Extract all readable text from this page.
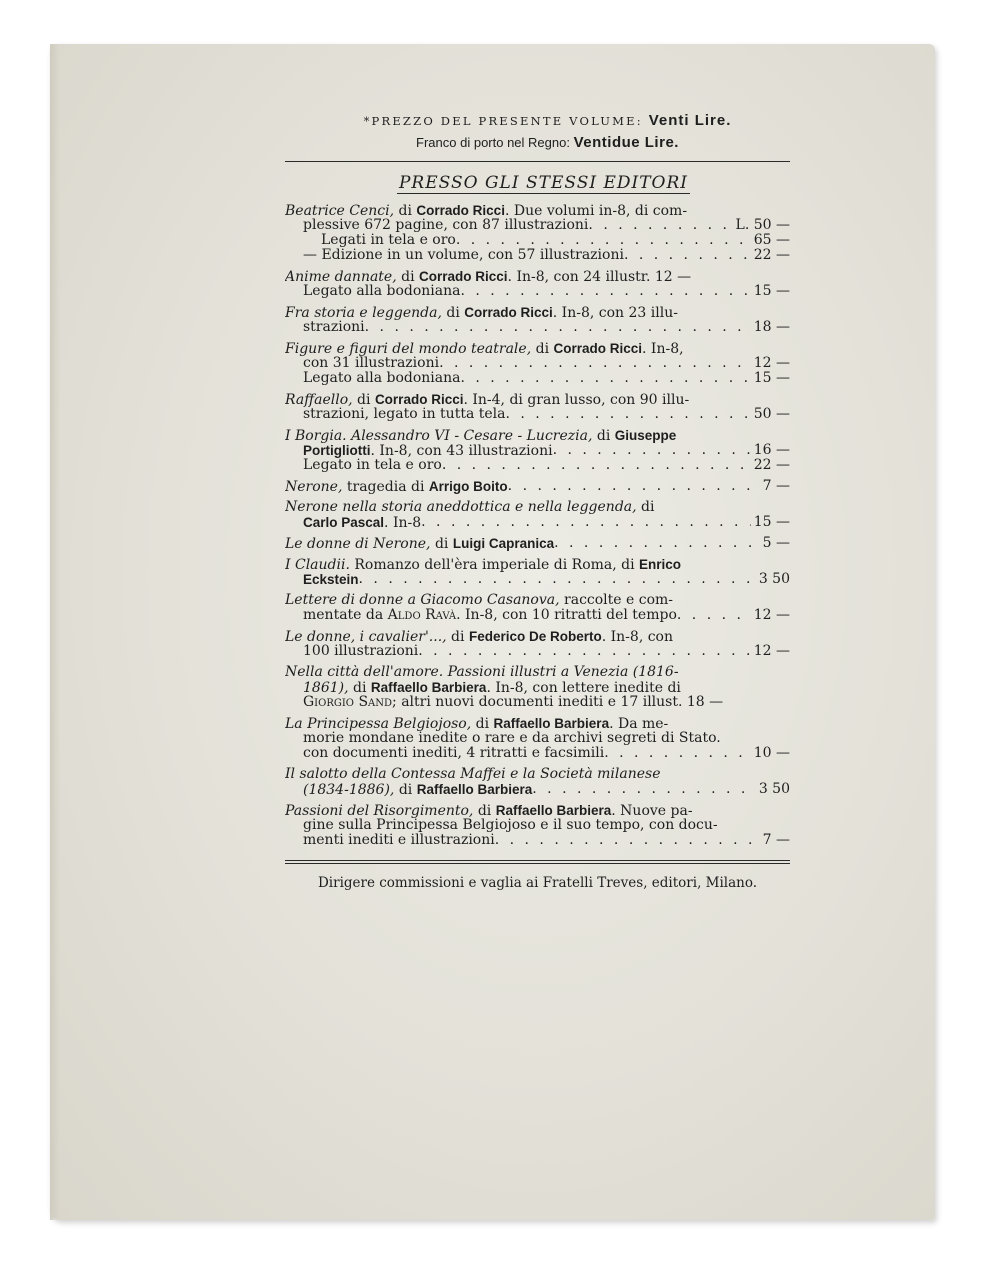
*PREZZO DEL PRESENTE VOLUME: Venti Lire.
Franco di porto nel Regno: Ventidue Lire.
PRESSO GLI STESSI EDITORI
Beatrice Cenci, di Corrado Ricci. Due volumi in-8, di com-
plessive 672 pagine, con 87 illustrazioni . . .	L. 50 —
Legati in tela e oro . . .	65 —
— Edizione in un volume, con 57 illustrazioni . . .	22 —
Anime dannate, di Corrado Ricci. In-8, con 24 illustr. 12 —
Legato alla bodoniana . . .	15 —
Fra storia e leggenda, di Corrado Ricci. In-8, con 23 illu-
strazioni . . .	18 —
Figure e figuri del mondo teatrale, di Corrado Ricci. In-8,
con 31 illustrazioni . . .	12 —
Legato alla bodoniana . . .	15 —
Raffaello, di Corrado Ricci. In-4, di gran lusso, con 90 illu-
strazioni, legato in tutta tela . . .	50 —
I Borgia. Alessandro VI - Cesare - Lucrezia, di Giuseppe
Portigliotti. In-8, con 43 illustrazioni . . .	16 —
Legato in tela e oro . . .	22 —
Nerone, tragedia di Arrigo Boito . . .	7 —
Nerone nella storia aneddottica e nella leggenda, di
Carlo Pascal. In-8 . . .	15 —
Le donne di Nerone, di Luigi Capranica . . .	5 —
I Claudii. Romanzo dell'èra imperiale di Roma, di Enrico
Eckstein . . .	3 50
Lettere di donne a Giacomo Casanova, raccolte e com-
mentate da Aldo Ravà. In-8, con 10 ritratti del tempo . . .	12 —
Le donne, i cavalier'..., di Federico De Roberto. In-8, con
100 illustrazioni . . .	12 —
Nella città dell'amore. Passioni illustri a Venezia (1816-
1861), di Raffaello Barbiera. In-8, con lettere inedite di
Giorgio Sand; altri nuovi documenti inediti e 17 illust. 18 —
La Principessa Belgiojoso, di Raffaello Barbiera. Da me-
morie mondane inedite o rare e da archivi segreti di Stato.
con documenti inediti, 4 ritratti e facsimili . . .	10 —
Il salotto della Contessa Maffei e la Società milanese
(1834-1886), di Raffaello Barbiera . . .	3 50
Passioni del Risorgimento, di Raffaello Barbiera. Nuove pa-
gine sulla Principessa Belgiojoso e il suo tempo, con docu-
menti inediti e illustrazioni . . .	7 —
Dirigere commissioni e vaglia ai Fratelli Treves, editori, Milano.
